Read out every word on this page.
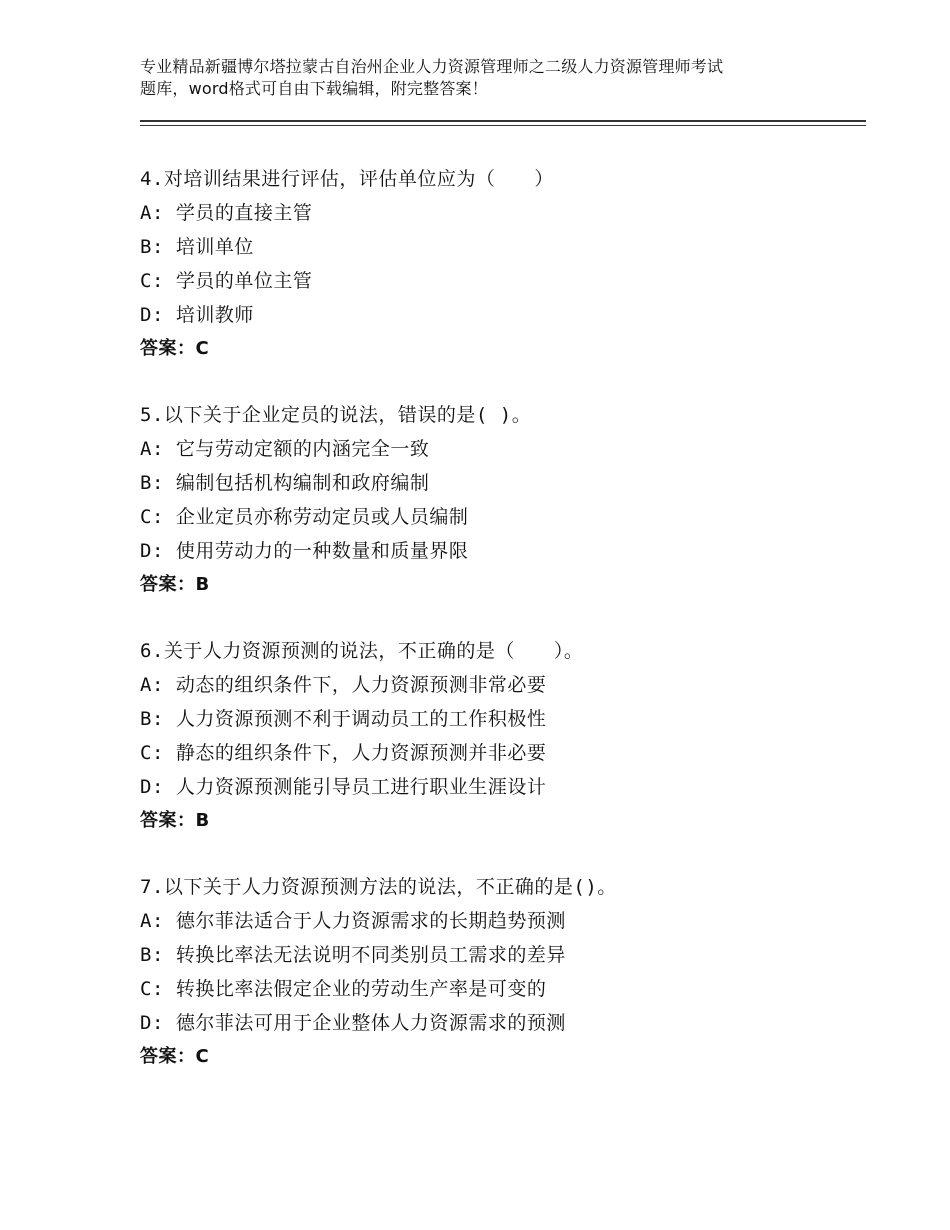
专业精品新疆博尔塔拉蒙古自治州企业人力资源管理师之二级人力资源管理师考试
题库，word格式可自由下载编辑，附完整答案！
4.对培训结果进行评估，评估单位应为（　　）
A: 学员的直接主管
B: 培训单位
C: 学员的单位主管
D: 培训教师
答案：C
5.以下关于企业定员的说法，错误的是( )。
A: 它与劳动定额的内涵完全一致
B: 编制包括机构编制和政府编制
C: 企业定员亦称劳动定员或人员编制
D: 使用劳动力的一种数量和质量界限
答案：B
6.关于人力资源预测的说法，不正确的是（　　）。
A: 动态的组织条件下，人力资源预测非常必要
B: 人力资源预测不利于调动员工的工作积极性
C: 静态的组织条件下，人力资源预测并非必要
D: 人力资源预测能引导员工进行职业生涯设计
答案：B
7.以下关于人力资源预测方法的说法，不正确的是()。
A: 德尔菲法适合于人力资源需求的长期趋势预测
B: 转换比率法无法说明不同类别员工需求的差异
C: 转换比率法假定企业的劳动生产率是可变的
D: 德尔菲法可用于企业整体人力资源需求的预测
答案：C
